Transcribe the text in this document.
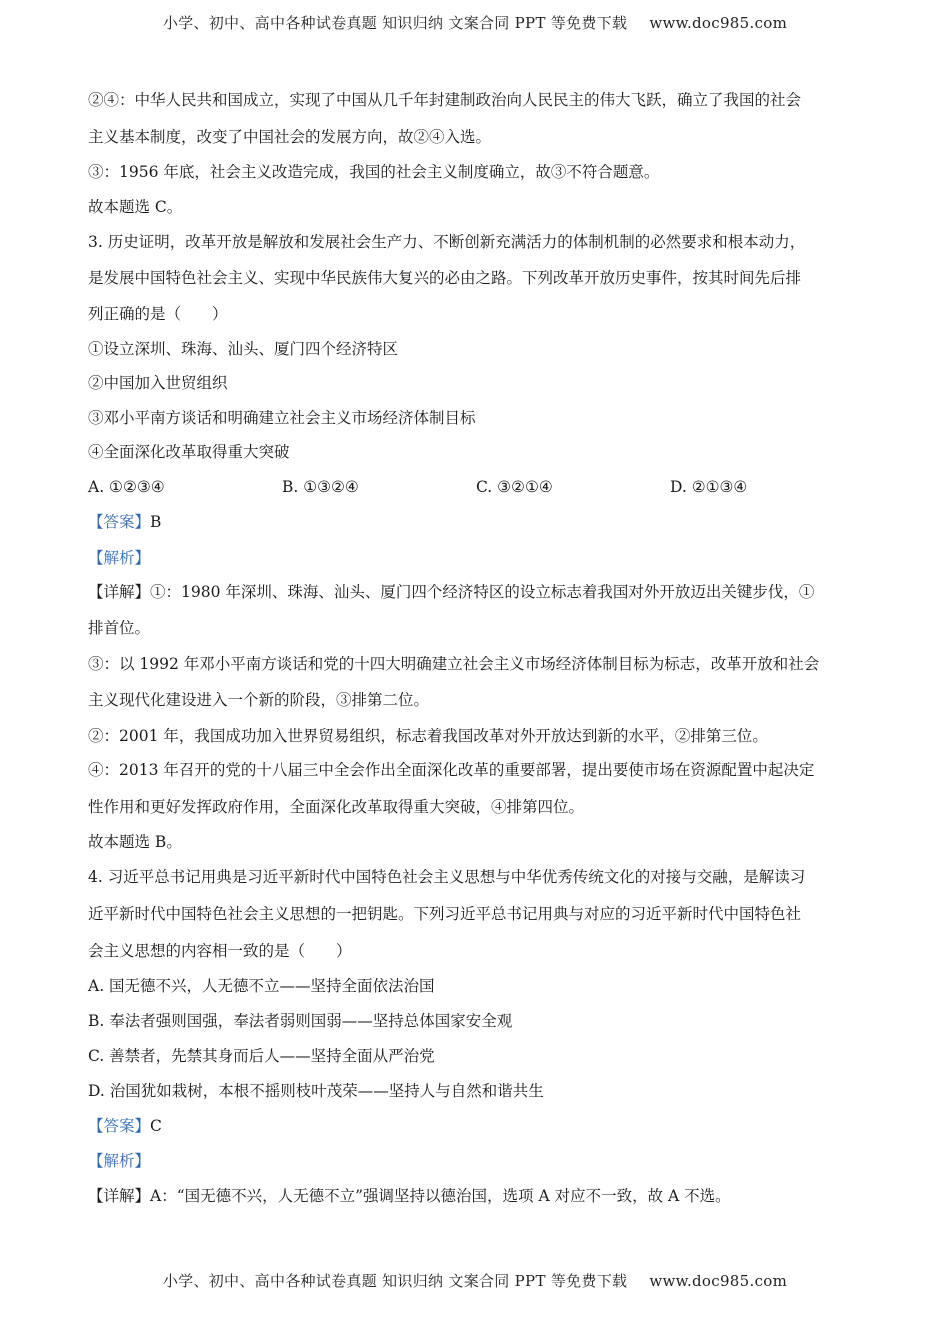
小学、初中、高中各种试卷真题 知识归纳 文案合同 PPT 等免费下载 www.doc985.com

②④：中华人民共和国成立，实现了中国从几千年封建制政治向人民民主的伟大飞跃，确立了我国的社会

主义基本制度，改变了中国社会的发展方向，故②④入选。

③：1956 年底，社会主义改造完成，我国的社会主义制度确立，故③不符合题意。

故本题选 C。

3. 历史证明，改革开放是解放和发展社会生产力、不断创新充满活力的体制机制的必然要求和根本动力，

是发展中国特色社会主义、实现中华民族伟大复兴的必由之路。下列改革开放历史事件，按其时间先后排

列正确的是（　　）

①设立深圳、珠海、汕头、厦门四个经济特区

②中国加入世贸组织

③邓小平南方谈话和明确建立社会主义市场经济体制目标

④全面深化改革取得重大突破

A. ①②③④	B. ①③②④	C. ③②①④	D. ②①③④

【答案】B

【解析】

【详解】①：1980 年深圳、珠海、汕头、厦门四个经济特区的设立标志着我国对外开放迈出关键步伐，①

排首位。

③：以 1992 年邓小平南方谈话和党的十四大明确建立社会主义市场经济体制目标为标志，改革开放和社会

主义现代化建设进入一个新的阶段，③排第二位。

②：2001 年，我国成功加入世界贸易组织，标志着我国改革对外开放达到新的水平，②排第三位。

④：2013 年召开的党的十八届三中全会作出全面深化改革的重要部署，提出要使市场在资源配置中起决定

性作用和更好发挥政府作用，全面深化改革取得重大突破，④排第四位。

故本题选 B。

4. 习近平总书记用典是习近平新时代中国特色社会主义思想与中华优秀传统文化的对接与交融，是解读习

近平新时代中国特色社会主义思想的一把钥匙。下列习近平总书记用典与对应的习近平新时代中国特色社

会主义思想的内容相一致的是（　　）

A. 国无德不兴，人无德不立——坚持全面依法治国

B. 奉法者强则国强，奉法者弱则国弱——坚持总体国家安全观

C. 善禁者，先禁其身而后人——坚持全面从严治党

D. 治国犹如栽树，本根不摇则枝叶茂荣——坚持人与自然和谐共生

【答案】C

【解析】

【详解】A：“国无德不兴，人无德不立”强调坚持以德治国，选项 A 对应不一致，故 A 不选。

小学、初中、高中各种试卷真题 知识归纳 文案合同 PPT 等免费下载 www.doc985.com
